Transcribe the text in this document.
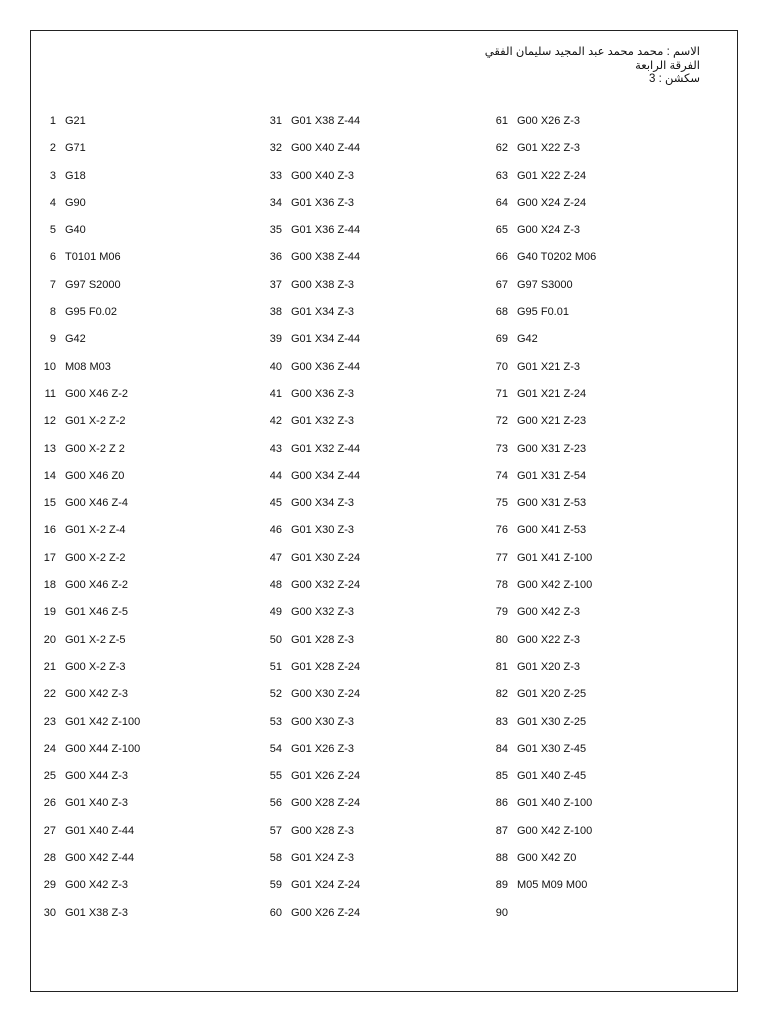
الاسم : محمد محمد عبد المجيد سليمان الفقي
الفرقة الرابعة
سكشن : 3
1 G21
2 G71
3 G18
4 G90
5 G40
6 T0101 M06
7 G97 S2000
8 G95 F0.02
9 G42
10 M08 M03
11 G00 X46 Z-2
12 G01 X-2 Z-2
13 G00 X-2 Z 2
14 G00 X46 Z0
15 G00 X46 Z-4
16 G01 X-2 Z-4
17 G00 X-2 Z-2
18 G00 X46 Z-2
19 G01 X46 Z-5
20 G01 X-2 Z-5
21 G00 X-2 Z-3
22 G00 X42 Z-3
23 G01 X42 Z-100
24 G00 X44 Z-100
25 G00 X44 Z-3
26 G01 X40 Z-3
27 G01 X40 Z-44
28 G00 X42 Z-44
29 G00 X42 Z-3
30 G01 X38 Z-3
31 G01 X38 Z-44
32 G00 X40 Z-44
33 G00 X40 Z-3
34 G01 X36 Z-3
35 G01 X36 Z-44
36 G00 X38 Z-44
37 G00 X38 Z-3
38 G01 X34 Z-3
39 G01 X34 Z-44
40 G00 X36 Z-44
41 G00 X36 Z-3
42 G01 X32 Z-3
43 G01 X32 Z-44
44 G00 X34 Z-44
45 G00 X34 Z-3
46 G01 X30 Z-3
47 G01 X30 Z-24
48 G00 X32 Z-24
49 G00 X32 Z-3
50 G01 X28 Z-3
51 G01 X28 Z-24
52 G00 X30 Z-24
53 G00 X30 Z-3
54 G01 X26 Z-3
55 G01 X26 Z-24
56 G00 X28 Z-24
57 G00 X28 Z-3
58 G01 X24 Z-3
59 G01 X24 Z-24
60 G00 X26 Z-24
61 G00 X26 Z-3
62 G01 X22 Z-3
63 G01 X22 Z-24
64 G00 X24 Z-24
65 G00 X24 Z-3
66 G40 T0202 M06
67 G97 S3000
68 G95 F0.01
69 G42
70 G01 X21 Z-3
71 G01 X21 Z-24
72 G00 X21 Z-23
73 G00 X31 Z-23
74 G01 X31 Z-54
75 G00 X31 Z-53
76 G00 X41 Z-53
77 G01 X41 Z-100
78 G00 X42 Z-100
79 G00 X42 Z-3
80 G00 X22 Z-3
81 G01 X20 Z-3
82 G01 X20 Z-25
83 G01 X30 Z-25
84 G01 X30 Z-45
85 G01 X40 Z-45
86 G01 X40 Z-100
87 G00 X42 Z-100
88 G00 X42 Z0
89 M05 M09 M00
90
